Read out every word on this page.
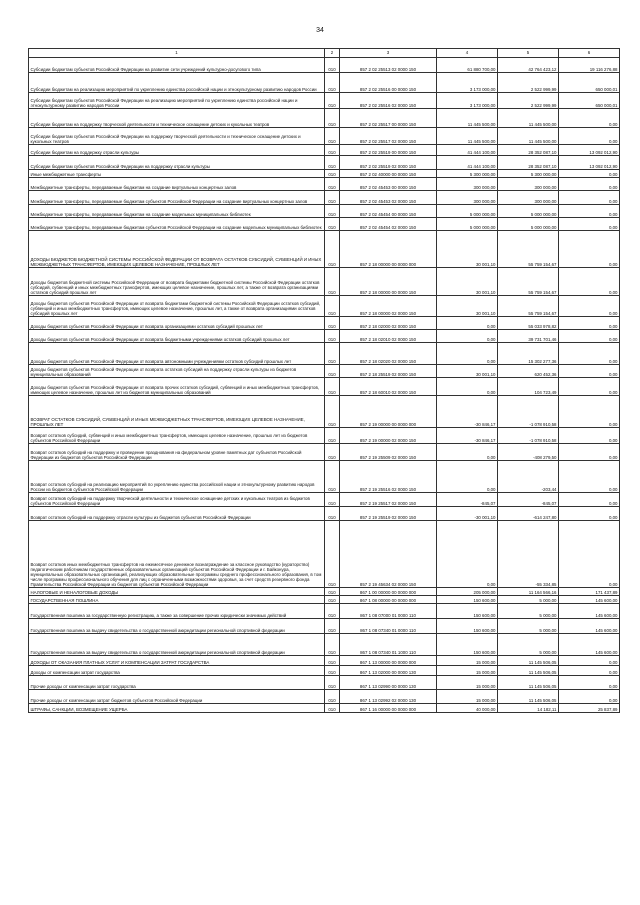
34
1	2	3	4	5	6
Субсидии бюджетам субъектов Российской Федерации на развитие сети учреждений культурно-досугового типа	010	857 2 02 25513 02 0000 150	61 880 700,00	42 764 423,12	19 116 276,88
Субсидии бюджетам на реализацию мероприятий по укреплению единства российской нации и этнокультурному развитию народов России	010	857 2 02 25516 00 0000 150	3 173 000,00	2 522 999,99	650 000,01
Субсидии бюджетам субъектов Российской Федерации на реализацию мероприятий по укреплению единства российской нации и этнокультурному развитию народов России	010	857 2 02 25516 02 0000 150	3 173 000,00	2 522 999,99	650 000,01
Субсидии бюджетам на поддержку творческой деятельности и техническое оснащение детских и кукольных театров	010	857 2 02 25517 00 0000 150	11 445 500,00	11 445 500,00	0,00
Субсидии бюджетам субъектов Российской Федерации на поддержку творческой деятельности и техническое оснащение детских и кукольных театров	010	857 2 02 25517 02 0000 150	11 445 500,00	11 445 500,00	0,00
Субсидии бюджетам на поддержку отрасли культуры	010	857 2 02 25519 00 0000 150	41 444 100,00	28 352 087,10	13 092 012,90
Субсидии бюджетам субъектов Российской Федерации на поддержку отрасли культуры	010	857 2 02 25519 02 0000 150	41 444 100,00	28 352 087,10	13 092 012,90
Иные межбюджетные трансферты	010	857 2 02 40000 00 0000 150	5 300 000,00	5 300 000,00	0,00
Межбюджетные трансферты, передаваемые бюджетам на создание виртуальных концертных залов	010	857 2 02 45453 00 0000 150	300 000,00	300 000,00	0,00
Межбюджетные трансферты, передаваемые бюджетам субъектов Российской Федерации на создание виртуальных концертных залов	010	857 2 02 45453 02 0000 150	300 000,00	300 000,00	0,00
Межбюджетные трансферты, передаваемые бюджетам на создание модельных муниципальных библиотек	010	857 2 02 45454 00 0000 150	5 000 000,00	5 000 000,00	0,00
Межбюджетные трансферты, передаваемые бюджетам субъектов Российской Федерации на создание модельных муниципальных библиотек	010	857 2 02 45454 02 0000 150	5 000 000,00	5 000 000,00	0,00
ДОХОДЫ БЮДЖЕТОВ БЮДЖЕТНОЙ СИСТЕМЫ РОССИЙСКОЙ ФЕДЕРАЦИИ ОТ ВОЗВРАТА ОСТАТКОВ СУБСИДИЙ, СУБВЕНЦИЙ И ИНЫХ МЕЖБЮДЖЕТНЫХ ТРАНСФЕРТОВ, ИМЕЮЩИХ ЦЕЛЕВОЕ НАЗНАЧЕНИЕ, ПРОШЛЫХ ЛЕТ	010	857 2 18 00000 00 0000 000	30 001,10	55 759 154,67	0,00
Доходы бюджетов бюджетной системы Российской Федерации от возврата бюджетами бюджетной системы Российской Федерации остатков субсидий, субвенций и иных межбюджетных трансфертов, имеющих целевое назначение, прошлых лет, а также от возврата организациями остатков субсидий прошлых лет	010	857 2 18 00000 00 0000 150	30 001,10	55 759 154,67	0,00
Доходы бюджетов субъектов Российской Федерации от возврата бюджетами бюджетной системы Российской Федерации остатков субсидий, субвенций и иных межбюджетных трансфертов, имеющих целевое назначение, прошлых лет, а также от возврата организациями остатков субсидий прошлых лет	010	857 2 18 00000 02 0000 150	30 001,10	55 759 154,67	0,00
Доходы бюджетов субъектов Российской Федерации от возврата организациями остатков субсидий прошлых лет	010	857 2 18 02000 02 0000 150	0,00	55 033 978,82	0,00
Доходы бюджетов субъектов Российской Федерации от возврата бюджетными учреждениями остатков субсидий прошлых лет	010	857 2 18 02010 02 0000 150	0,00	39 731 701,46	0,00
Доходы бюджетов субъектов Российской Федерации от возврата автономными учреждениями остатков субсидий прошлых лет	010	857 2 18 02020 02 0000 150	0,00	15 302 277,36	0,00
Доходы бюджетов субъектов Российской Федерации от возврата остатков субсидий на поддержку отрасли культуры из бюджетов муниципальных образований	010	857 2 18 25519 02 0000 150	30 001,10	620 452,36	0,00
Доходы бюджетов субъектов Российской Федерации от возврата прочих остатков субсидий, субвенций и иных межбюджетных трансфертов, имеющих целевое назначение, прошлых лет из бюджетов муниципальных образований	010	857 2 18 60010 02 0000 150	0,00	104 723,49	0,00
ВОЗВРАТ ОСТАТКОВ СУБСИДИЙ, СУБВЕНЦИЙ И ИНЫХ МЕЖБЮДЖЕТНЫХ ТРАНСФЕРТОВ, ИМЕЮЩИХ ЦЕЛЕВОЕ НАЗНАЧЕНИЕ, ПРОШЛЫХ ЛЕТ	010	857 2 19 00000 00 0000 000	-30 846,17	-1 078 910,58	0,00
Возврат остатков субсидий, субвенций и иных межбюджетных трансфертов, имеющих целевое назначение, прошлых лет из бюджетов субъектов Российской Федерации	010	857 2 19 00000 02 0000 150	-30 846,17	-1 078 910,58	0,00
Возврат остатков субсидий на поддержку и проведение празднования на федеральном уровне памятных дат субъектов Российской Федерации из бюджетов субъектов Российской Федерации	010	857 2 19 25509 02 0000 150	0,00	-408 279,50	0,00
Возврат остатков субсидий на реализацию мероприятий по укреплению единства российской нации и этнокультурному развитию народов России из бюджетов субъектов Российской Федерации	010	857 2 19 25516 02 0000 150	0,00	-203,44	0,00
Возврат остатков субсидий на поддержку творческой деятельности и техническое оснащение детских и кукольных театров из бюджетов субъектов Российской Федерации	010	857 2 19 25517 02 0000 150	-845,07	-845,07	0,00
Возврат остатков субсидий на поддержку отрасли культуры из бюджетов субъектов Российской Федерации	010	857 2 19 25519 02 0000 150	-30 001,10	-614 247,80	0,00
Возврат остатков иных межбюджетных трансфертов на ежемесячное денежное вознаграждение за классное руководство (кураторство) педагогическим работникам государственных образовательных организаций субъектов Российской Федерации и г. Байконура, муниципальных образовательных организаций, реализующих образовательные программы среднего профессионального образования, в том числе программы профессионального обучения для лиц с ограниченными возможностями здоровья, за счет средств резервного фонда Правительства Российской Федерации из бюджетов субъектов Российской Федерации	010	857 2 19 45634 02 0000 150	0,00	-55 334,85	0,00
НАЛОГОВЫЕ И НЕНАЛОГОВЫЕ ДОХОДЫ	010	867 1 00 00000 00 0000 000	205 000,00	11 164 566,16	171 437,89
ГОСУДАРСТВЕННАЯ ПОШЛИНА	010	867 1 08 00000 00 0000 000	150 600,00	5 000,00	145 600,00
Государственная пошлина за государственную регистрацию, а также за совершение прочих юридически значимых действий	010	867 1 08 07000 01 0000 110	150 600,00	5 000,00	145 600,00
Государственная пошлина за выдачу свидетельства о государственной аккредитации региональной спортивной федерации	010	867 1 08 07340 01 0000 110	150 600,00	5 000,00	145 600,00
Государственная пошлина за выдачу свидетельства о государственной аккредитации региональной спортивной федерации	010	867 1 08 07340 01 1000 110	150 600,00	5 000,00	145 600,00
ДОХОДЫ ОТ ОКАЗАНИЯ ПЛАТНЫХ УСЛУГ И КОМПЕНСАЦИИ ЗАТРАТ ГОСУДАРСТВА	010	867 1 13 00000 00 0000 000	15 000,00	11 145 506,05	0,00
Доходы от компенсации затрат государства	010	867 1 13 02000 00 0000 130	15 000,00	11 145 506,05	0,00
Прочие доходы от компенсации затрат государства	010	867 1 13 02990 00 0000 130	15 000,00	11 145 506,05	0,00
Прочие доходы от компенсации затрат бюджетов субъектов Российской Федерации	010	867 1 13 02992 02 0000 130	15 000,00	11 145 506,05	0,00
ШТРАФЫ, САНКЦИИ, ВОЗМЕЩЕНИЕ УЩЕРБА	010	867 1 16 00000 00 0000 000	40 000,00	14 182,11	25 837,89
